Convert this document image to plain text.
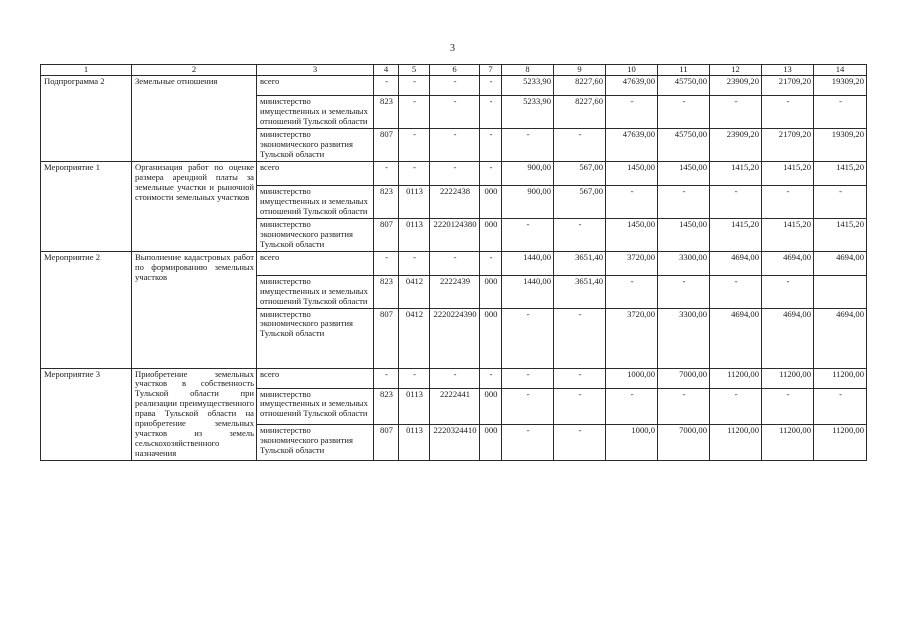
3
1	2	3	4	5	6	7	8	9	10	11	12	13	14
Подпрограмма 2	Земельные отношения	всего	-	-	-	-	5233,90	8227,60	47639,00	45750,00	23909,20	21709,20	19309,20
		министерство имущественных и земельных отношений Тульской области	823	-	-	-	5233,90	8227,60	-	-	-	-	-
		министерство экономического развития Тульской области	807	-	-	-	-	-	47639,00	45750,00	23909,20	21709,20	19309,20
Мероприятие 1	Организация работ по оценке размера арендной платы за земельные участки и рыночной стоимости земельных участков	всего	-	-	-	-	900,00	567,00	1450,00	1450,00	1415,20	1415,20	1415,20
		министерство имущественных и земельных отношений Тульской области	823	0113	2222438	000	900,00	567,00	-	-	-	-	-
		министерство экономического развития Тульской области	807	0113	2220124380	000	-	-	1450,00	1450,00	1415,20	1415,20	1415,20
Мероприятие 2	Выполнение кадастровых работ по формированию земельных участков	всего	-	-	-	-	1440,00	3651,40	3720,00	3300,00	4694,00	4694,00	4694,00
		министерство имущественных и земельных отношений Тульской области	823	0412	2222439	000	1440,00	3651,40	-	-	-	-	
		министерство экономического развития Тульской области	807	0412	2220224390	000	-	-	3720,00	3300,00	4694,00	4694,00	4694,00
Мероприятие 3	Приобретение земельных участков в собственность Тульской области при реализации преимущественного права Тульской области на приобретение земельных участков из земель сельскохозяйственного назначения	всего	-	-	-	-	-	-	1000,00	7000,00	11200,00	11200,00	11200,00
		министерство имущественных и земельных отношений Тульской области	823	0113	2222441	000	-	-	-	-	-	-	-
		министерство экономического развития Тульской области	807	0113	2220324410	000	-	-	1000,0	7000,00	11200,00	11200,00	11200,00
